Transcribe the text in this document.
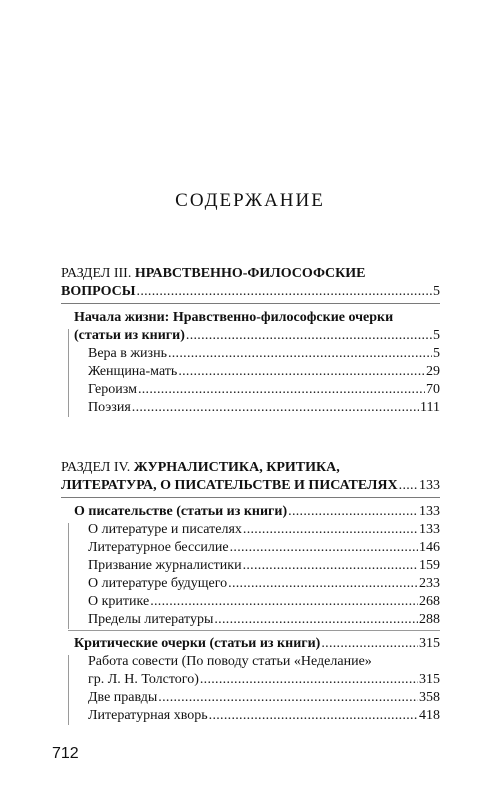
СОДЕРЖАНИЕ
РАЗДЕЛ III. НРАВСТВЕННО-ФИЛОСОФСКИЕ
ВОПРОСЫ . . .	5
Начала жизни: Нравственно-философские очерки
(статьи из книги) . . .	5
Вера в жизнь . . .	5
Женщина-мать . . .	29
Героизм . . .	70
Поэзия . . .	111
РАЗДЕЛ IV. ЖУРНАЛИСТИКА, КРИТИКА,
ЛИТЕРАТУРА, О ПИСАТЕЛЬСТВЕ И ПИСАТЕЛЯХ . . . 133
О писательстве (статьи из книги) . . .	133
О литературе и писателях . . .	133
Литературное бессилие . . .	146
Призвание журналистики . . .	159
О литературе будущего . . .	233
О критике . . .	268
Пределы литературы . . .	288
Критические очерки (статьи из книги) . . .	315
Работа совести (По поводу статьи «Неделание»
гр. Л. Н. Толстого) . . .	315
Две правды . . .	358
Литературная хворь . . .	418
712
